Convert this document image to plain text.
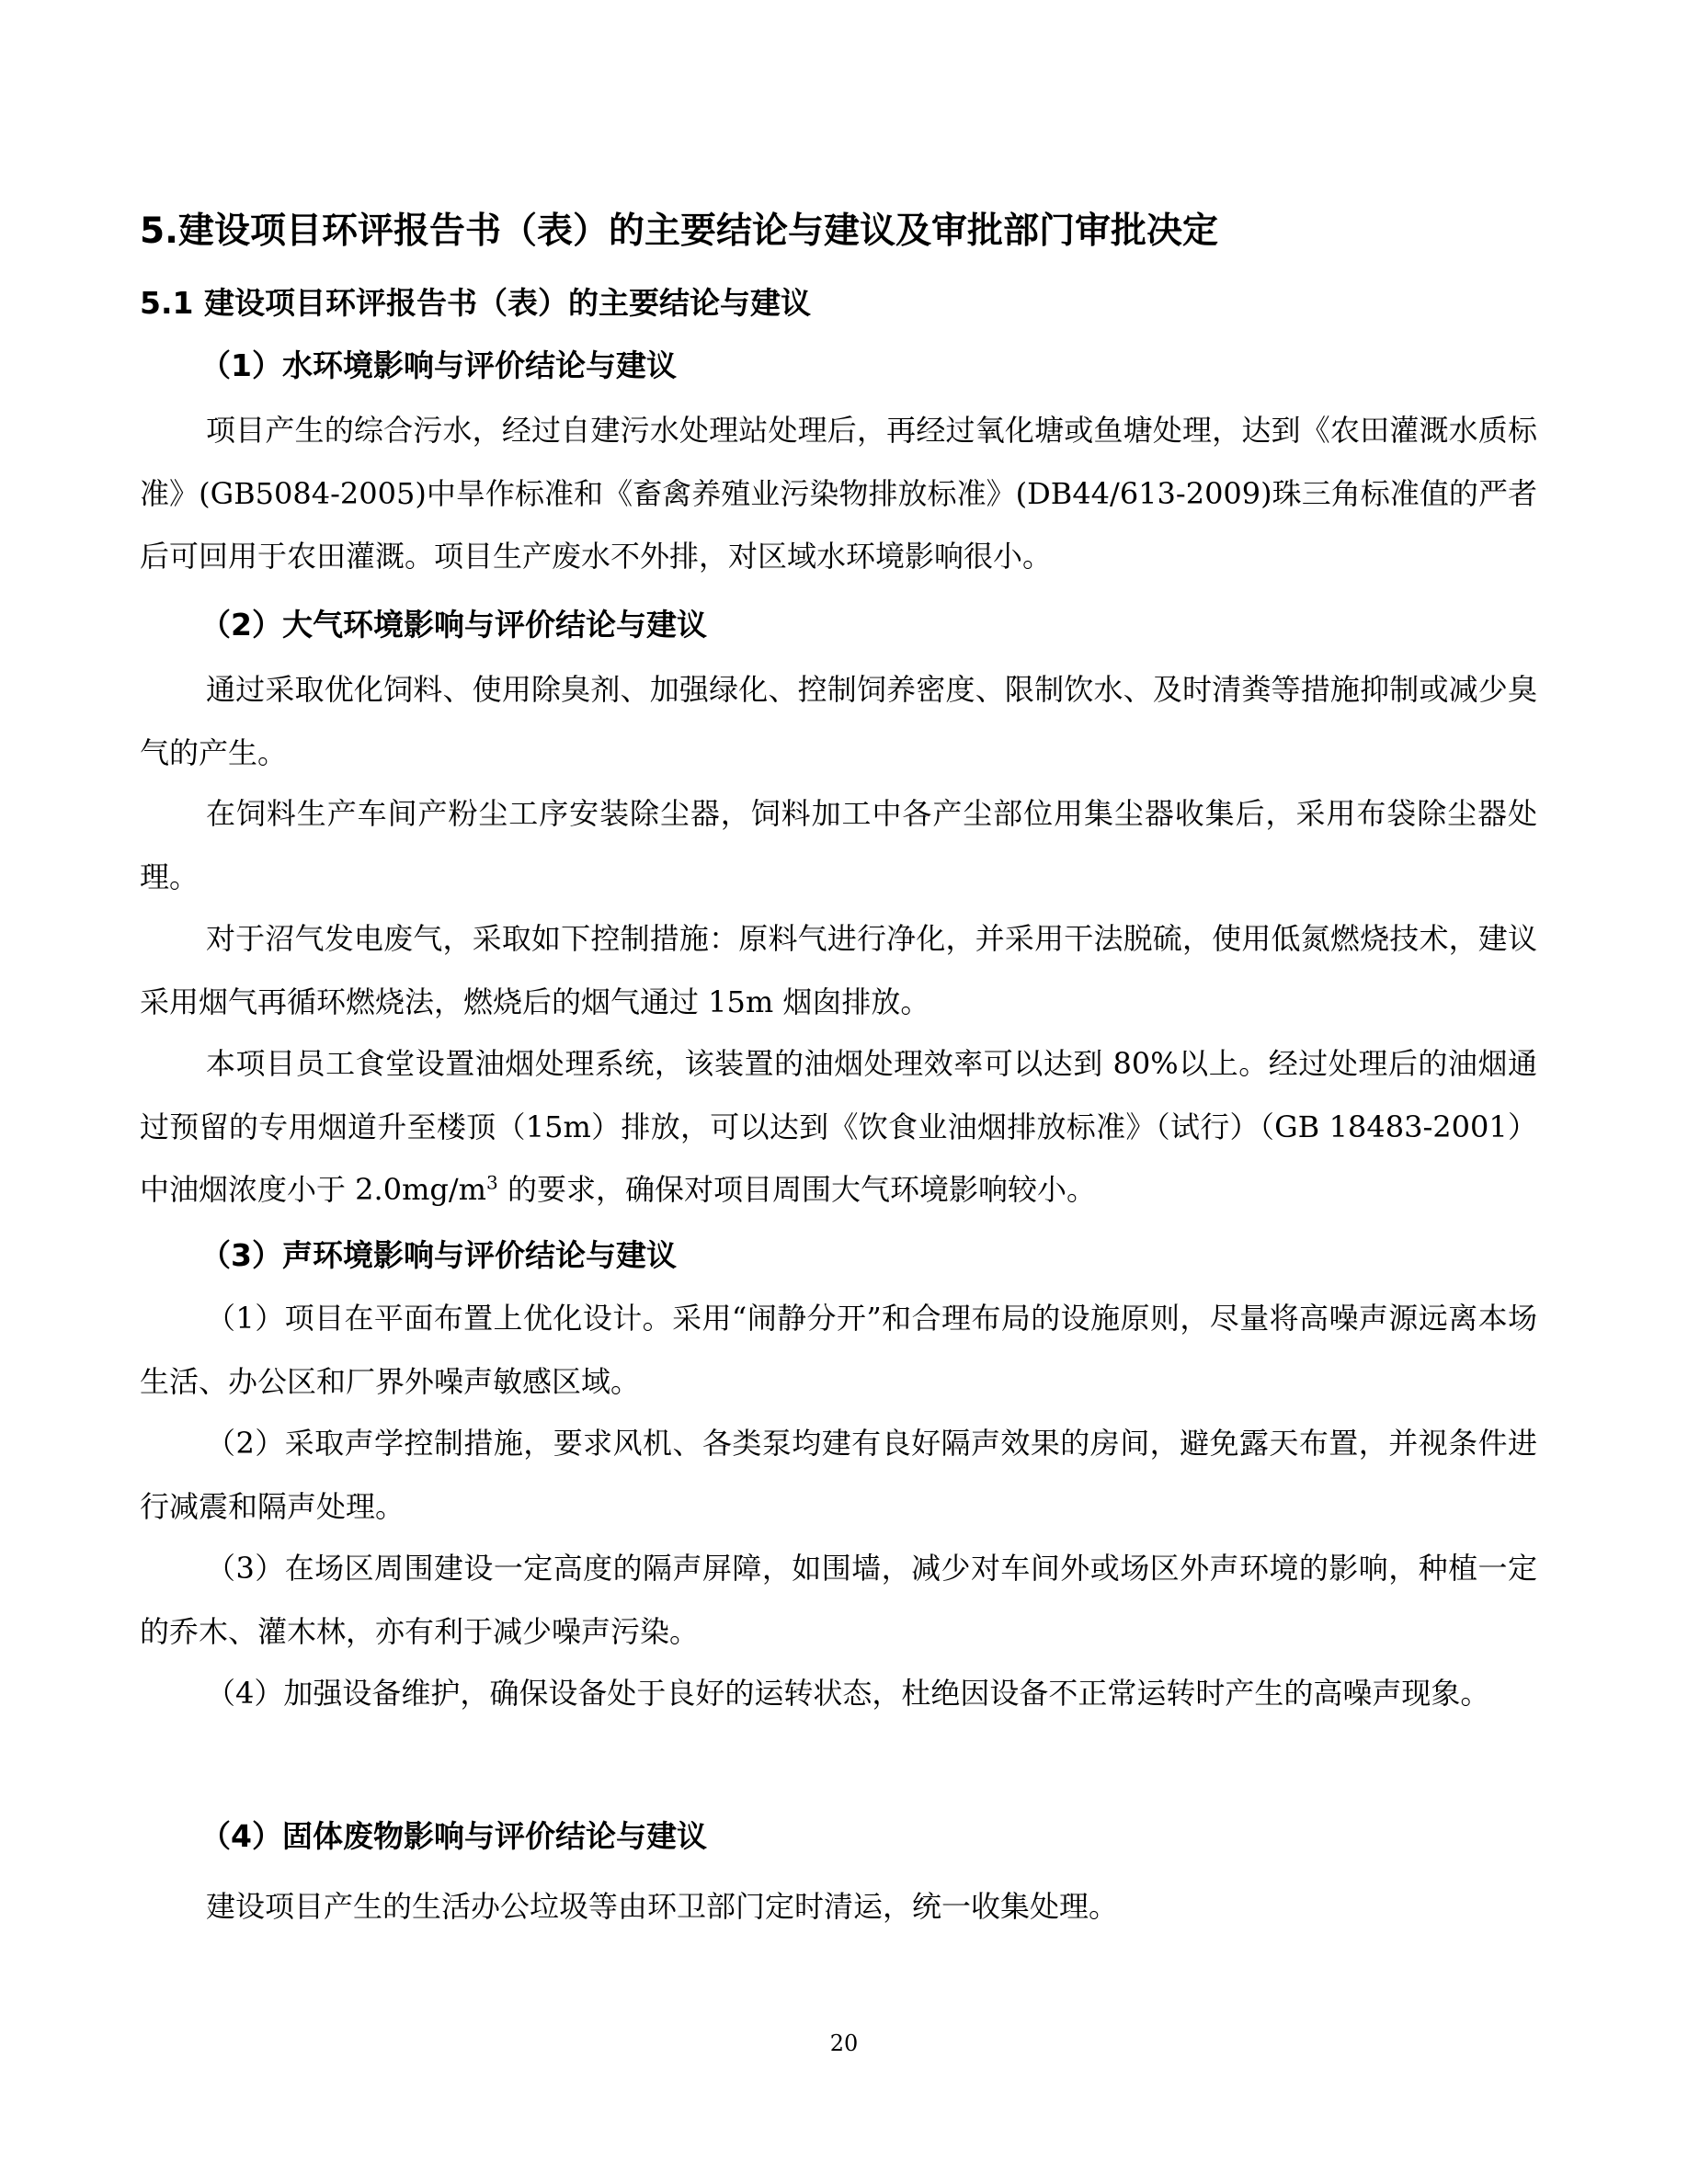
5.建设项目环评报告书（表）的主要结论与建议及审批部门审批决定
5.1 建设项目环评报告书（表）的主要结论与建议
（1）水环境影响与评价结论与建议
项目产生的综合污水，经过自建污水处理站处理后，再经过氧化塘或鱼塘处理，达到《农田灌溉水质标准》(GB5084-2005)中旱作标准和《畜禽养殖业污染物排放标准》(DB44/613-2009)珠三角标准值的严者后可回用于农田灌溉。项目生产废水不外排，对区域水环境影响很小。
（2）大气环境影响与评价结论与建议
通过采取优化饲料、使用除臭剂、加强绿化、控制饲养密度、限制饮水、及时清粪等措施抑制或减少臭气的产生。
在饲料生产车间产粉尘工序安装除尘器，饲料加工中各产尘部位用集尘器收集后，采用布袋除尘器处理。
对于沼气发电废气，采取如下控制措施：原料气进行净化，并采用干法脱硫，使用低氮燃烧技术，建议采用烟气再循环燃烧法，燃烧后的烟气通过 15m 烟囱排放。
本项目员工食堂设置油烟处理系统，该装置的油烟处理效率可以达到 80%以上。经过处理后的油烟通过预留的专用烟道升至楼顶（15m）排放，可以达到《饮食业油烟排放标准》（试行）（GB 18483-2001）中油烟浓度小于 $2.0mg/m^3$ 的要求，确保对项目周围大气环境影响较小。
（3）声环境影响与评价结论与建议
（1）项目在平面布置上优化设计。采用“闹静分开”和合理布局的设施原则，尽量将高噪声源远离本场生活、办公区和厂界外噪声敏感区域。
（2）采取声学控制措施，要求风机、各类泵均建有良好隔声效果的房间，避免露天布置，并视条件进行减震和隔声处理。
（3）在场区周围建设一定高度的隔声屏障，如围墙，减少对车间外或场区外声环境的影响，种植一定的乔木、灌木林，亦有利于减少噪声污染。
（4）加强设备维护，确保设备处于良好的运转状态，杜绝因设备不正常运转时产生的高噪声现象。
（4）固体废物影响与评价结论与建议
建设项目产生的生活办公垃圾等由环卫部门定时清运，统一收集处理。
20
